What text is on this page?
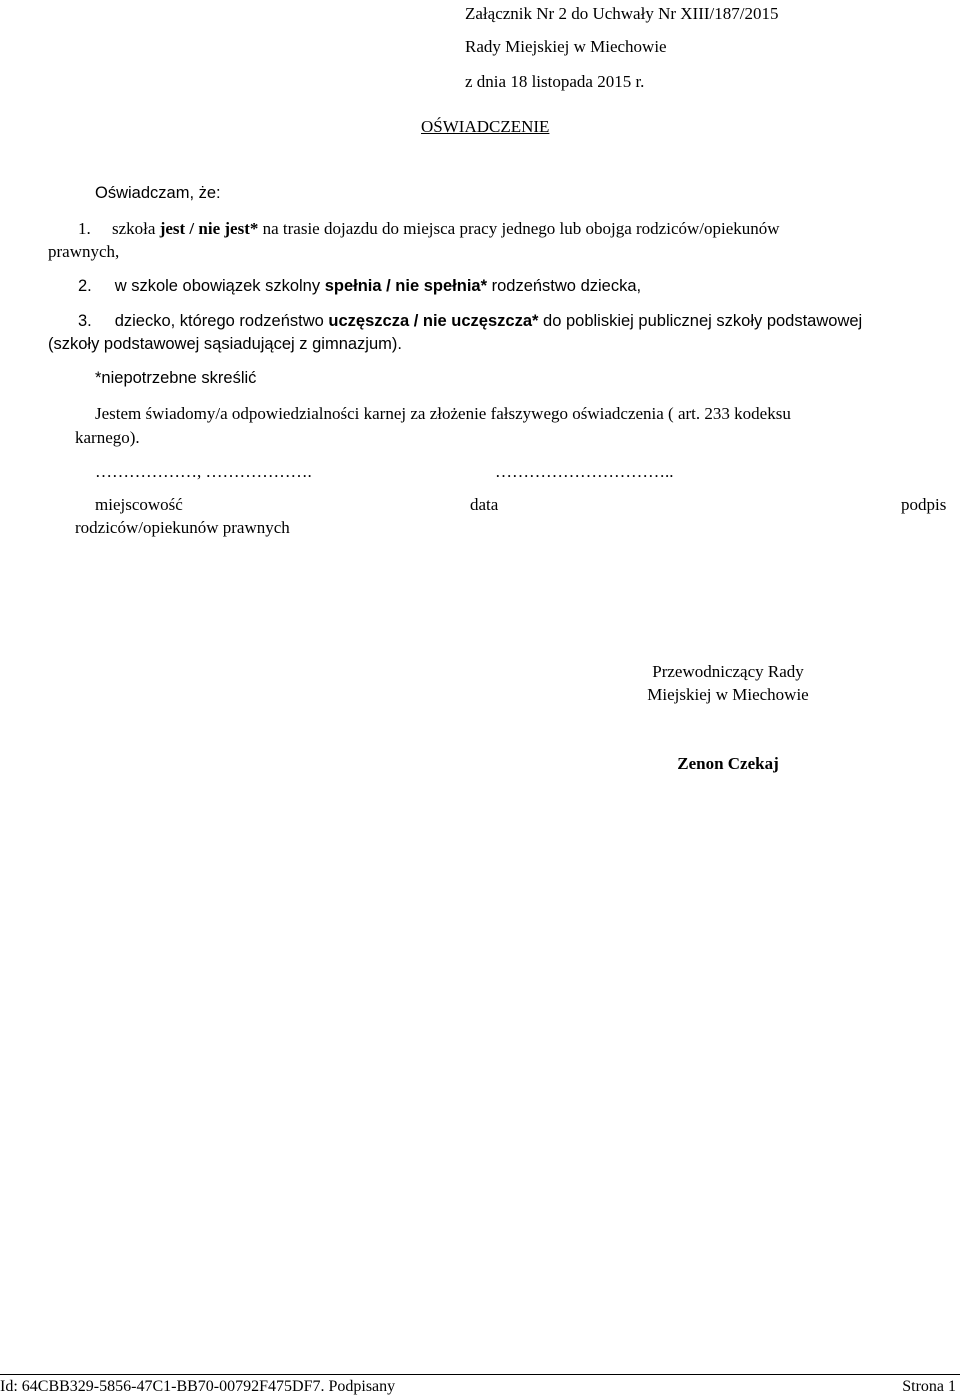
Załącznik Nr 2 do Uchwały Nr XIII/187/2015
Rady Miejskiej w Miechowie
z dnia 18 listopada 2015 r.
OŚWIADCZENIE
Oświadczam, że:
1. szkoła jest / nie jest* na trasie dojazdu do miejsca pracy jednego lub obojga rodziców/opiekunów
prawnych,
2. w szkole obowiązek szkolny spełnia / nie spełnia* rodzeństwo dziecka,
3. dziecko, którego rodzeństwo uczęszcza / nie uczęszcza* do pobliskiej publicznej szkoły podstawowej
(szkoły podstawowej sąsiadującej z gimnazjum).
*niepotrzebne skreślić
Jestem świadomy/a odpowiedzialności karnej za złożenie fałszywego oświadczenia ( art. 233 kodeksu
karnego).
………………, ……………….	…………………………..
miejscowość	data	podpis
rodziców/opiekunów prawnych
Przewodniczący Rady
Miejskiej w Miechowie
Zenon Czekaj
Id: 64CBB329-5856-47C1-BB70-00792F475DF7. Podpisany	Strona 1
